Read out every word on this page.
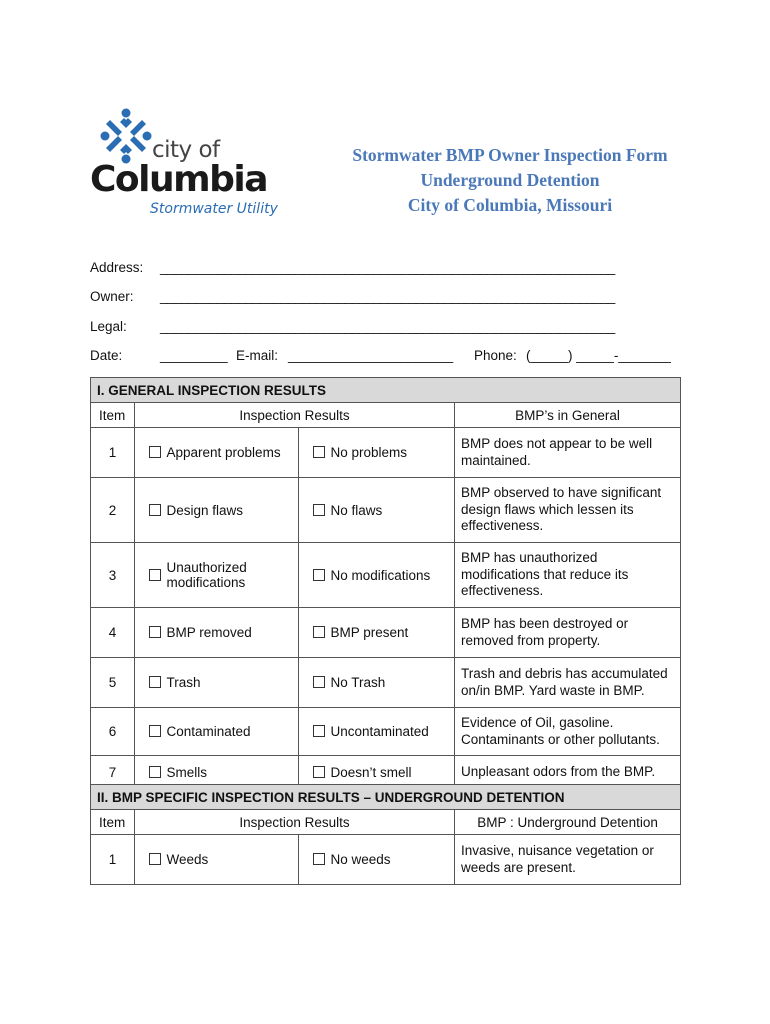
city of
Columbia
Stormwater Utility
Stormwater BMP Owner Inspection Form
Underground Detention
City of Columbia, Missouri
Address: ________________________________________________________________
Owner: ________________________________________________________________
Legal: ________________________________________________________________
Date:	_________ E-mail: ______________________ Phone: (_____) _____-_______
I. GENERAL INSPECTION RESULTS					
Item	Inspection Results				BMP’s in General
1		Apparent problems		No problems	BMP does not appear to be well maintained.
2		Design flaws		No flaws	BMP observed to have significant design flaws which lessen its effectiveness.
3		Unauthorized modifications		No modifications	BMP has unauthorized modifications that reduce its effectiveness.
4		BMP removed		BMP present	BMP has been destroyed or removed from property.
5		Trash		No Trash	Trash and debris has accumulated on/in BMP. Yard waste in BMP.
6		Contaminated		Uncontaminated	Evidence of Oil, gasoline. Contaminants or other pollutants.
7		Smells		Doesn’t smell	Unpleasant odors from the BMP.
II. BMP SPECIFIC INSPECTION RESULTS – UNDERGROUND DETENTION					
Item	Inspection Results				BMP : Underground Detention
1		Weeds		No weeds	Invasive, nuisance vegetation or weeds are present.
